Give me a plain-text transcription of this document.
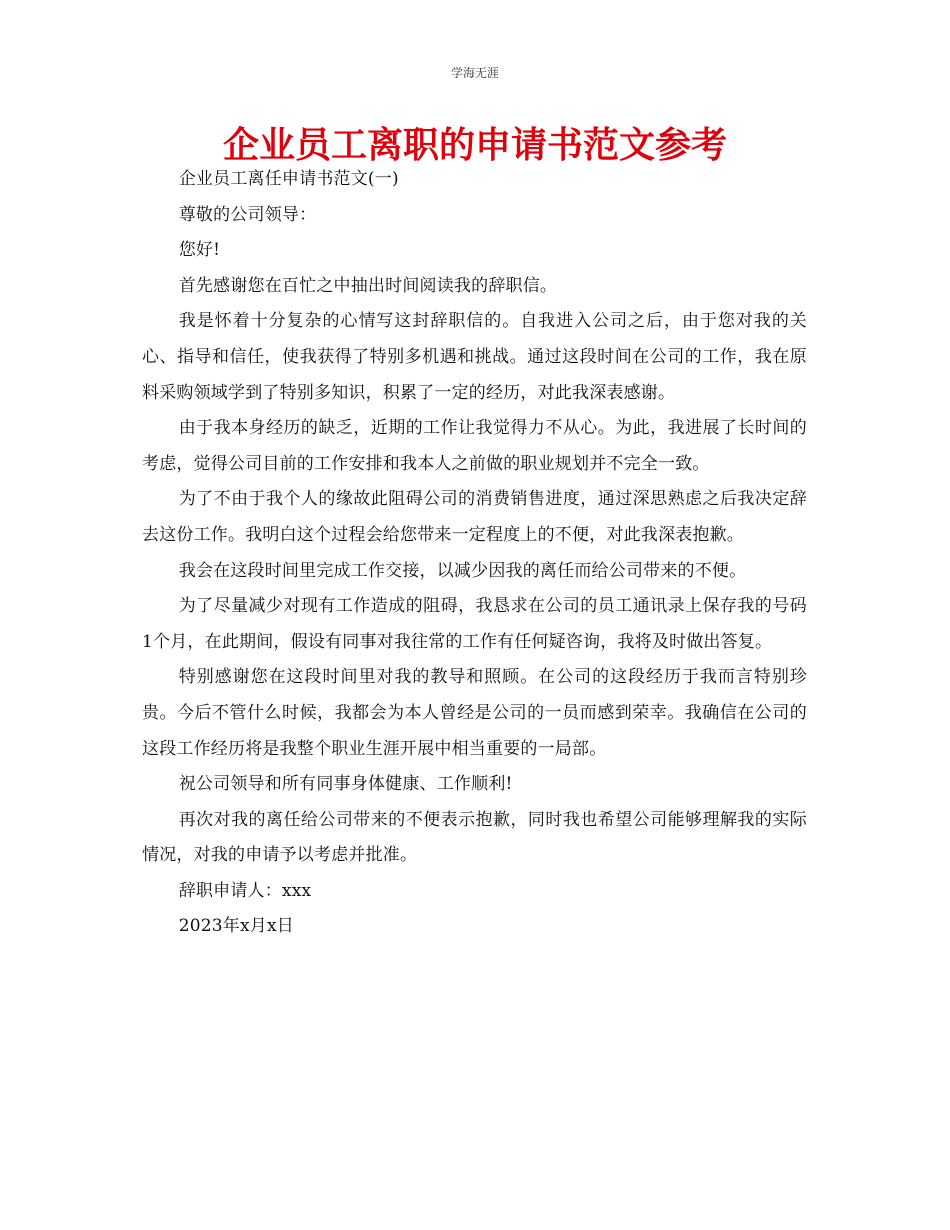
学海无涯
企业员工离职的申请书范文参考

企业员工离任申请书范文(一)

尊敬的公司领导：

您好!

首先感谢您在百忙之中抽出时间阅读我的辞职信。

我是怀着十分复杂的心情写这封辞职信的。自我进入公司之后，由于您对我的关心、指导和信任，使我获得了特别多机遇和挑战。通过这段时间在公司的工作，我在原料采购领域学到了特别多知识，积累了一定的经历，对此我深表感谢。

由于我本身经历的缺乏，近期的工作让我觉得力不从心。为此，我进展了长时间的考虑，觉得公司目前的工作安排和我本人之前做的职业规划并不完全一致。

为了不由于我个人的缘故此阻碍公司的消费销售进度，通过深思熟虑之后我决定辞去这份工作。我明白这个过程会给您带来一定程度上的不便，对此我深表抱歉。

我会在这段时间里完成工作交接，以减少因我的离任而给公司带来的不便。

为了尽量减少对现有工作造成的阻碍，我恳求在公司的员工通讯录上保存我的号码1个月，在此期间，假设有同事对我往常的工作有任何疑咨询，我将及时做出答复。

特别感谢您在这段时间里对我的教导和照顾。在公司的这段经历于我而言特别珍贵。今后不管什么时候，我都会为本人曾经是公司的一员而感到荣幸。我确信在公司的这段工作经历将是我整个职业生涯开展中相当重要的一局部。

祝公司领导和所有同事身体健康、工作顺利!

再次对我的离任给公司带来的不便表示抱歉，同时我也希望公司能够理解我的实际情况，对我的申请予以考虑并批准。

辞职申请人：xxx

2023年x月x日
